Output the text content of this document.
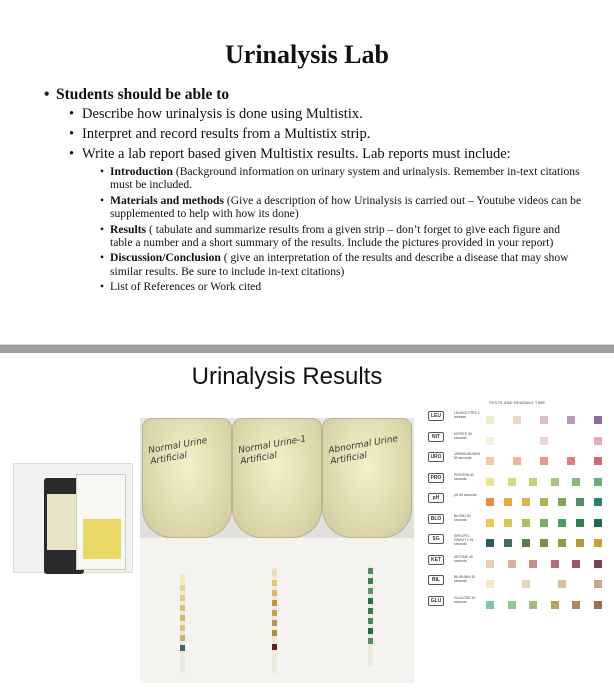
Urinalysis Lab
• Students should be able to
• Describe how urinalysis is done using Multistix.
• Interpret and record results from a Multistix strip.
• Write a lab report based given Multistix results. Lab reports must include:
• Introduction (Background information on urinary system and urinalysis. Remember in-text citations must be included.
• Materials and methods (Give a description of how Urinalysis is carried out – Youtube videos can be supplemented to help with how its done)
• Results ( tabulate and summarize results from a given strip – don’t forget to give each figure and table a number and a short summary of the results. Include the pictures provided in your report)
• Discussion/Conclusion ( give an interpretation of the results and describe a disease that may show similar results. Be sure to include in-text citations)
• List of References or Work cited
Urinalysis Results
Normal Urine Artificial
Normal Urine-1 Artificial
Abnormal Urine Artificial
TESTS AND READING TIME
LEU	LEUKOCYTES 2 minutes
NIT	NITRITE 60 seconds
URO	UROBILINOGEN 60 seconds
PRO	PROTEIN 60 seconds
pH	pH 60 seconds
BLO	BLOOD 60 seconds
SG	SPECIFIC GRAVITY 45 seconds
KET	KETONE 40 seconds
BIL	BILIRUBIN 30 seconds
GLU	GLUCOSE 30 seconds
